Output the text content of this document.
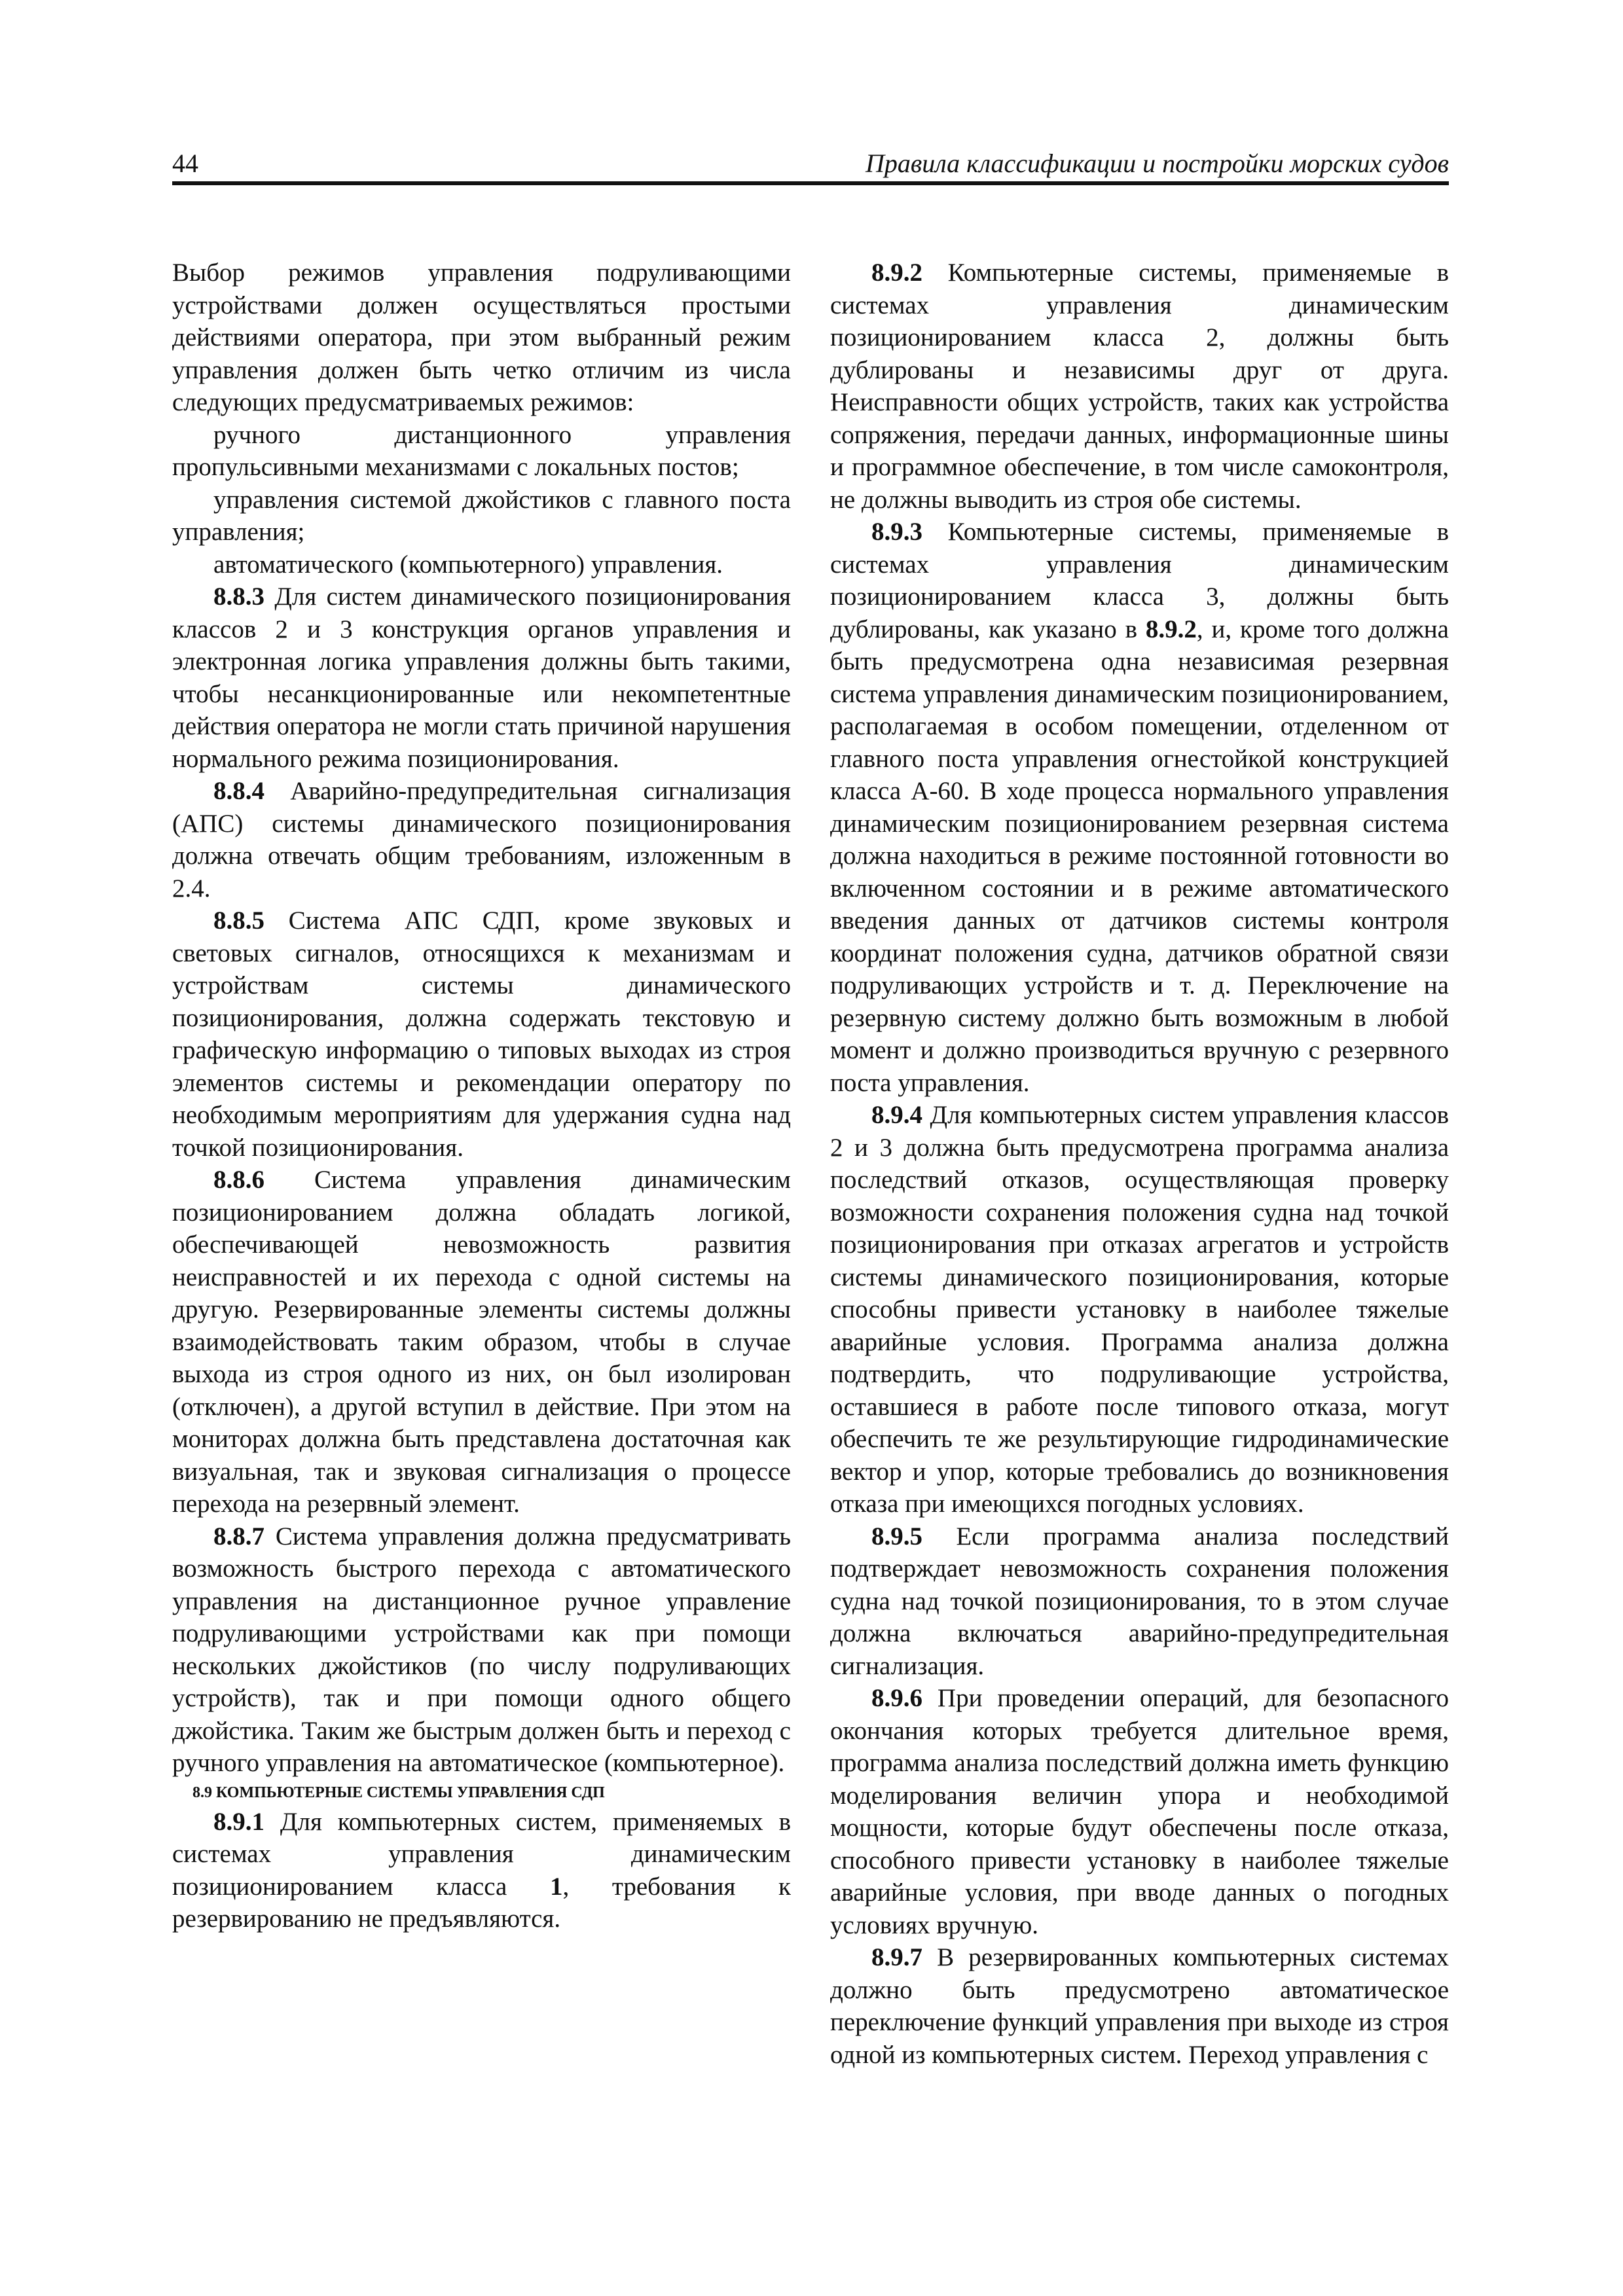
44	Правила классификации и постройки морских судов

Выбор режимов управления подруливающими устройствами должен осуществляться простыми действиями оператора, при этом выбранный режим управления должен быть четко отличим из числа следующих предусматриваемых режимов:

ручного дистанционного управления пропульсивными механизмами с локальных постов;

управления системой джойстиков с главного поста управления;

автоматического (компьютерного) управления.

8.8.3 Для систем динамического позиционирования классов 2 и 3 конструкция органов управления и электронная логика управления должны быть такими, чтобы несанкционированные или некомпетентные действия оператора не могли стать причиной нарушения нормального режима позиционирования.

8.8.4 Аварийно-предупредительная сигнализация (АПС) системы динамического позиционирования должна отвечать общим требованиям, изложенным в 2.4.

8.8.5 Система АПС СДП, кроме звуковых и световых сигналов, относящихся к механизмам и устройствам системы динамического позиционирования, должна содержать текстовую и графическую информацию о типовых выходах из строя элементов системы и рекомендации оператору по необходимым мероприятиям для удержания судна над точкой позиционирования.

8.8.6 Система управления динамическим позиционированием должна обладать логикой, обеспечивающей невозможность развития неисправностей и их перехода с одной системы на другую. Резервированные элементы системы должны взаимодействовать таким образом, чтобы в случае выхода из строя одного из них, он был изолирован (отключен), а другой вступил в действие. При этом на мониторах должна быть представлена достаточная как визуальная, так и звуковая сигнализация о процессе перехода на резервный элемент.

8.8.7 Система управления должна предусматривать возможность быстрого перехода с автоматического управления на дистанционное ручное управление подруливающими устройствами как при помощи нескольких джойстиков (по числу подруливающих устройств), так и при помощи одного общего джойстика. Таким же быстрым должен быть и переход с ручного управления на автоматическое (компьютерное).

8.9 КОМПЬЮТЕРНЫЕ СИСТЕМЫ УПРАВЛЕНИЯ СДП

8.9.1 Для компьютерных систем, применяемых в системах управления динамическим позиционированием класса 1, требования к резервированию не предъявляются.

8.9.2 Компьютерные системы, применяемые в системах управления динамическим позиционированием класса 2, должны быть дублированы и независимы друг от друга. Неисправности общих устройств, таких как устройства сопряжения, передачи данных, информационные шины и программное обеспечение, в том числе самоконтроля, не должны выводить из строя обе системы.

8.9.3 Компьютерные системы, применяемые в системах управления динамическим позиционированием класса 3, должны быть дублированы, как указано в 8.9.2, и, кроме того должна быть предусмотрена одна независимая резервная система управления динамическим позиционированием, располагаемая в особом помещении, отделенном от главного поста управления огнестойкой конструкцией класса А-60. В ходе процесса нормального управления динамическим позиционированием резервная система должна находиться в режиме постоянной готовности во включенном состоянии и в режиме автоматического введения данных от датчиков системы контроля координат положения судна, датчиков обратной связи подруливающих устройств и т. д. Переключение на резервную систему должно быть возможным в любой момент и должно производиться вручную с резервного поста управления.

8.9.4 Для компьютерных систем управления классов 2 и 3 должна быть предусмотрена программа анализа последствий отказов, осуществляющая проверку возможности сохранения положения судна над точкой позиционирования при отказах агрегатов и устройств системы динамического позиционирования, которые способны привести установку в наиболее тяжелые аварийные условия. Программа анализа должна подтвердить, что подруливающие устройства, оставшиеся в работе после типового отказа, могут обеспечить те же результирующие гидродинамические вектор и упор, которые требовались до возникновения отказа при имеющихся погодных условиях.

8.9.5 Если программа анализа последствий подтверждает невозможность сохранения положения судна над точкой позиционирования, то в этом случае должна включаться аварийно-предупредительная сигнализация.

8.9.6 При проведении операций, для безопасного окончания которых требуется длительное время, программа анализа последствий должна иметь функцию моделирования величин упора и необходимой мощности, которые будут обеспечены после отказа, способного привести установку в наиболее тяжелые аварийные условия, при вводе данных о погодных условиях вручную.

8.9.7 В резервированных компьютерных системах должно быть предусмотрено автоматическое переключение функций управления при выходе из строя одной из компьютерных систем. Переход управления с
